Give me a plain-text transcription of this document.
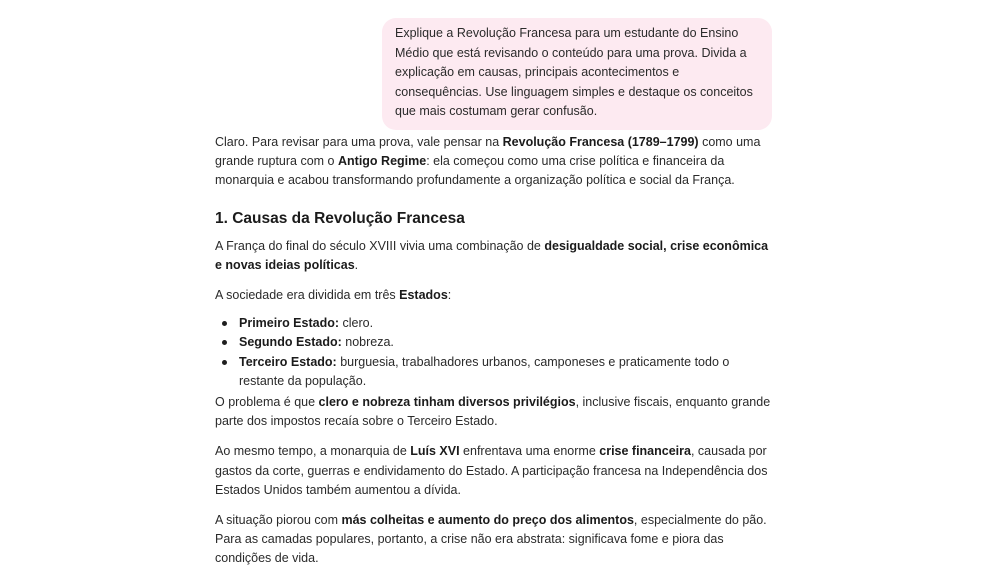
Explique a Revolução Francesa para um estudante do Ensino Médio que está revisando o conteúdo para uma prova. Divida a explicação em causas, principais acontecimentos e consequências. Use linguagem simples e destaque os conceitos que mais costumam gerar confusão.

Claro. Para revisar para uma prova, vale pensar na Revolução Francesa (1789–1799) como uma grande ruptura com o Antigo Regime: ela começou como uma crise política e financeira da monarquia e acabou transformando profundamente a organização política e social da França.

1. Causas da Revolução Francesa

A França do final do século XVIII vivia uma combinação de desigualdade social, crise econômica e novas ideias políticas.

A sociedade era dividida em três Estados:

Primeiro Estado: clero.
Segundo Estado: nobreza.
Terceiro Estado: burguesia, trabalhadores urbanos, camponeses e praticamente todo o restante da população.

O problema é que clero e nobreza tinham diversos privilégios, inclusive fiscais, enquanto grande parte dos impostos recaía sobre o Terceiro Estado.

Ao mesmo tempo, a monarquia de Luís XVI enfrentava uma enorme crise financeira, causada por gastos da corte, guerras e endividamento do Estado. A participação francesa na Independência dos Estados Unidos também aumentou a dívida.

A situação piorou com más colheitas e aumento do preço dos alimentos, especialmente do pão. Para as camadas populares, portanto, a crise não era abstrata: significava fome e piora das condições de vida.
